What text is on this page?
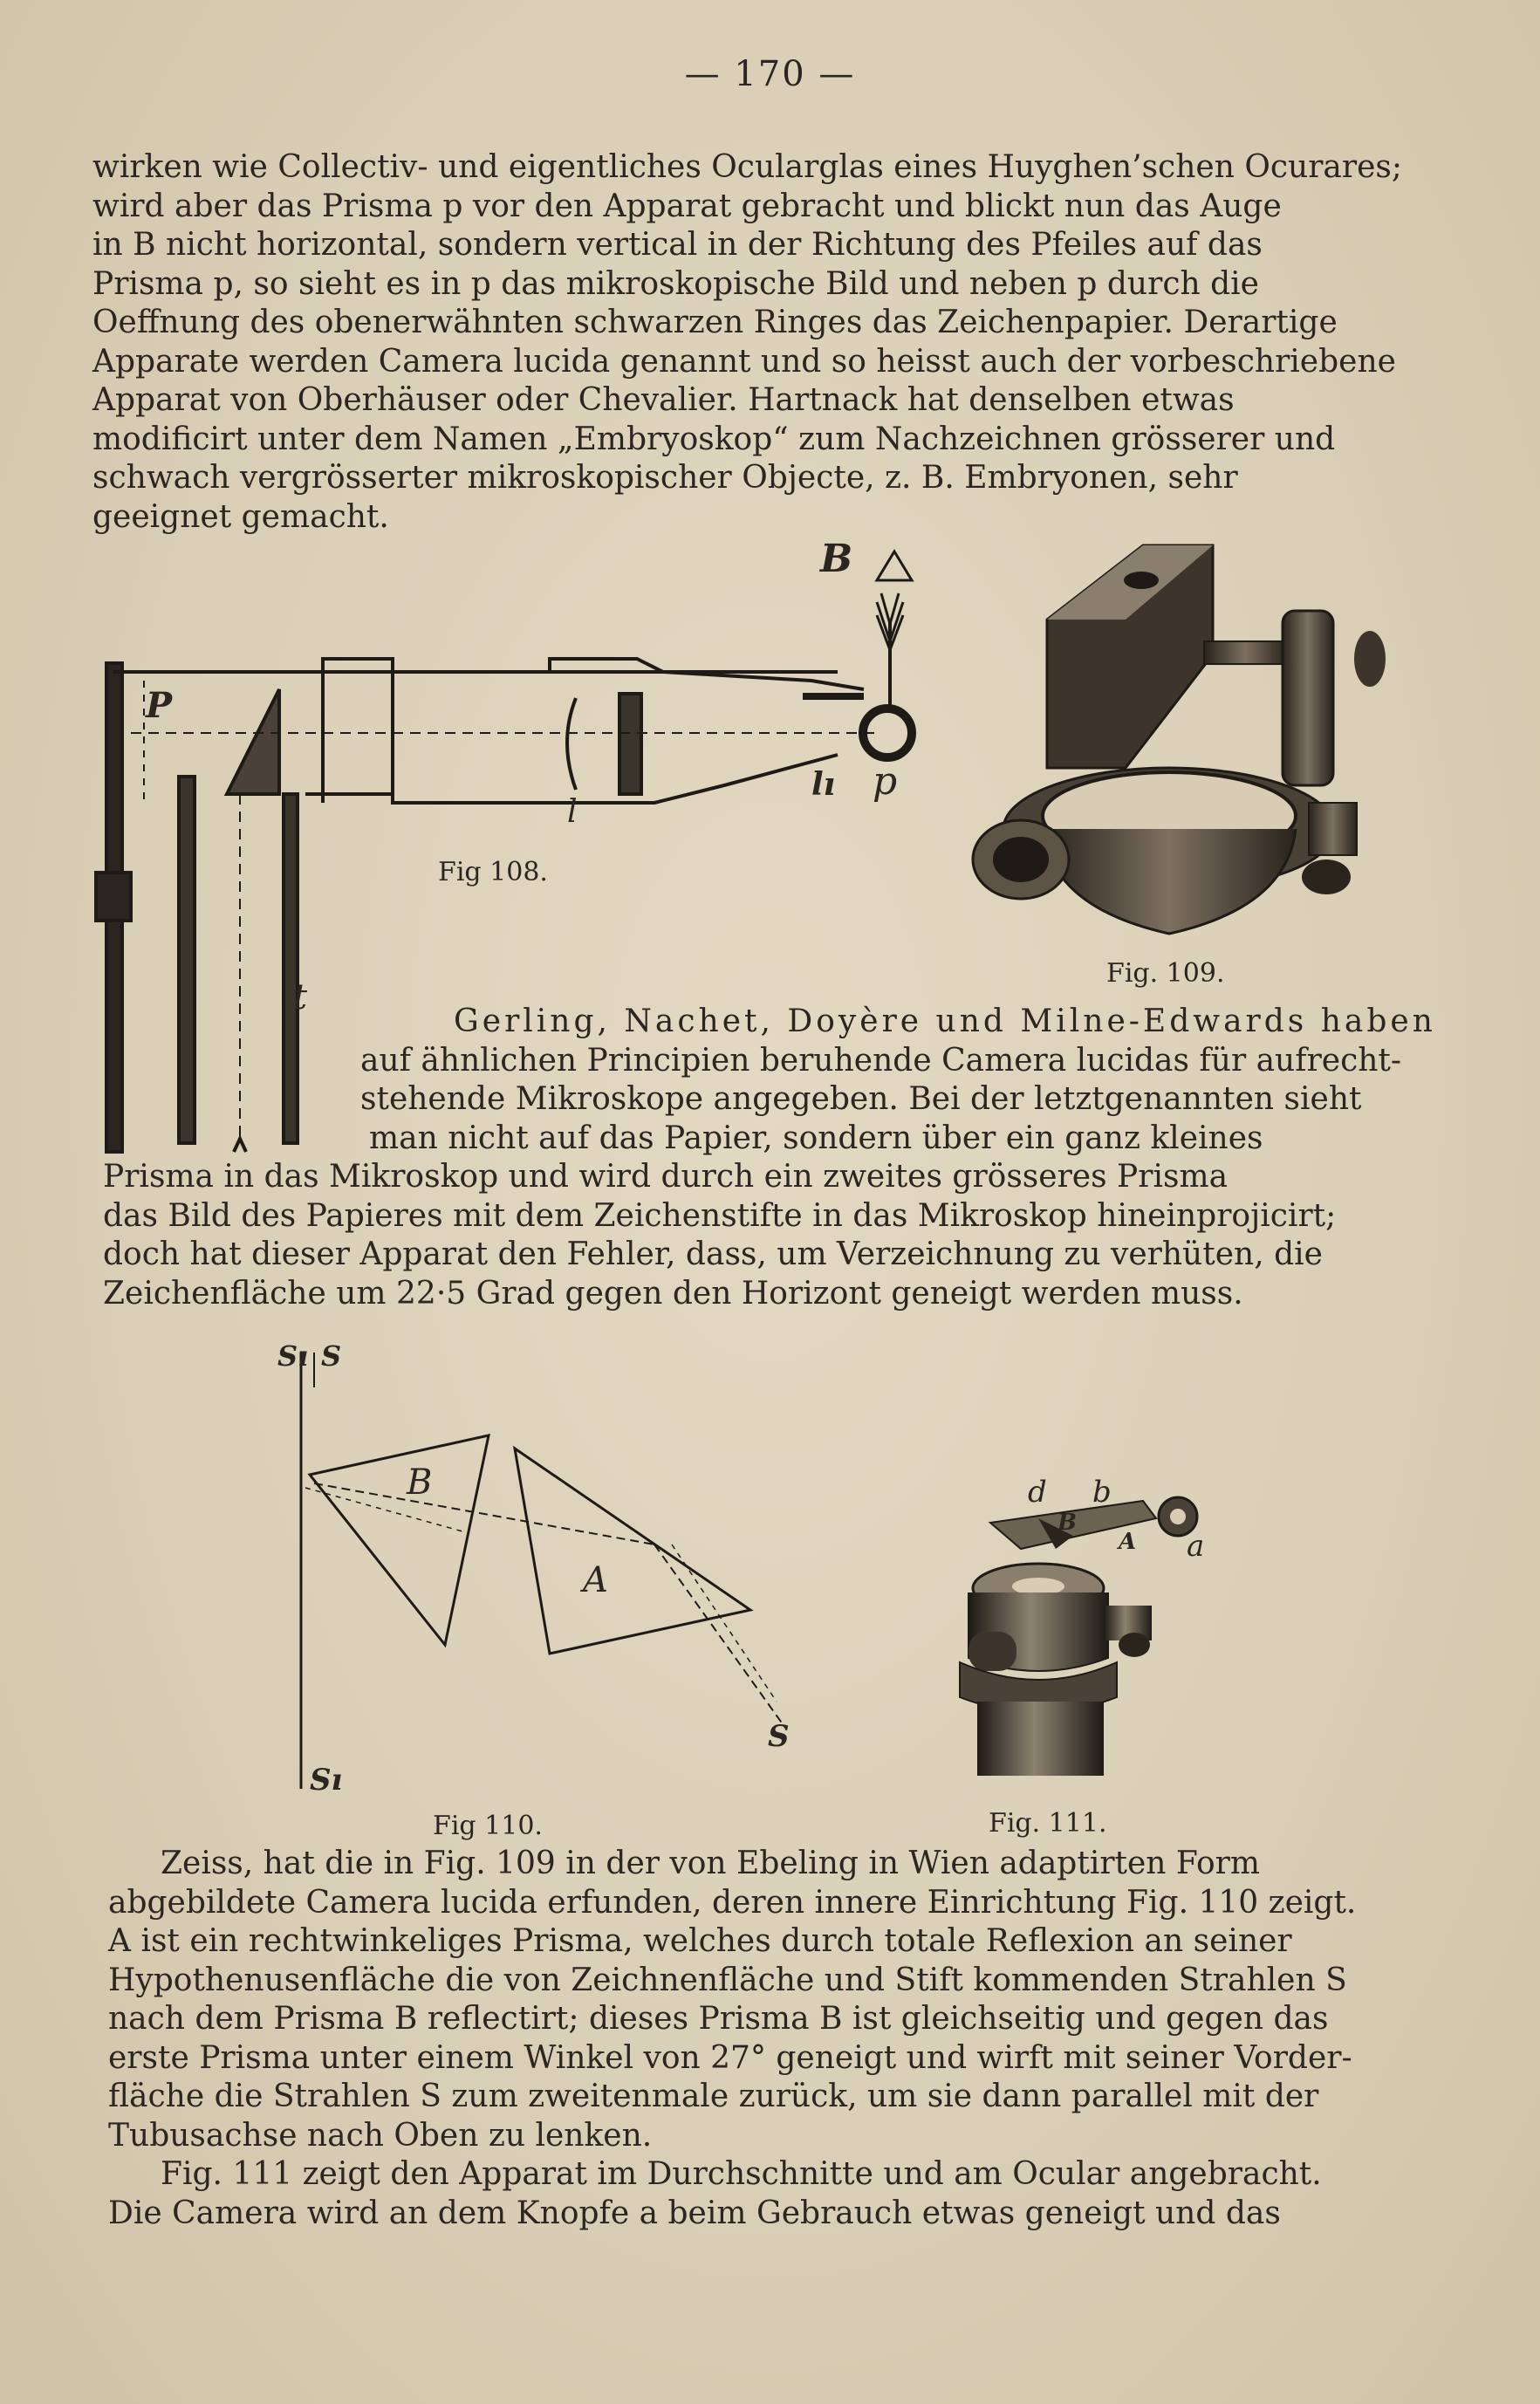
— 170 —
wirken wie Collectiv- und eigentliches Ocularglas eines Huyghen’schen Ocurares;
wird aber das Prisma p vor den Apparat gebracht und blickt nun das Auge
in B nicht horizontal, sondern vertical in der Richtung des Pfeiles auf das
Prisma p, so sieht es in p das mikroskopische Bild und neben p durch die
Oeffnung des obenerwähnten schwarzen Ringes das Zeichenpapier. Derartige
Apparate werden Camera lucida genannt und so heisst auch der vorbeschriebene
Apparat von Oberhäuser oder Chevalier. Hartnack hat denselben etwas
modificirt unter dem Namen „Embryoskop“ zum Nachzeichnen grösserer und
schwach vergrösserter mikroskopischer Objecte, z. B. Embryonen, sehr
geeignet gemacht.
B
P
l
lı p
t
Fig 108.
Fig. 109.
Gerling, Nachet, Doyère und Milne-Edwards haben
auf ähnlichen Principien beruhende Camera lucidas für aufrecht-
stehende Mikroskope angegeben. Bei der letztgenannten sieht
man nicht auf das Papier, sondern über ein ganz kleines
Prisma in das Mikroskop und wird durch ein zweites grösseres Prisma
das Bild des Papieres mit dem Zeichenstifte in das Mikroskop hineinprojicirt;
doch hat dieser Apparat den Fehler, dass, um Verzeichnung zu verhüten, die
Zeichenfläche um 22·5 Grad gegen den Horizont geneigt werden muss.
Sı S
B
A
S
Sı
Fig 110.
d b
B
A a
Fig. 111.
Zeiss, hat die in Fig. 109 in der von Ebeling in Wien adaptirten Form
abgebildete Camera lucida erfunden, deren innere Einrichtung Fig. 110 zeigt.
A ist ein rechtwinkeliges Prisma, welches durch totale Reflexion an seiner
Hypothenusenfläche die von Zeichnenfläche und Stift kommenden Strahlen S
nach dem Prisma B reflectirt; dieses Prisma B ist gleichseitig und gegen das
erste Prisma unter einem Winkel von 27° geneigt und wirft mit seiner Vorder-
fläche die Strahlen S zum zweitenmale zurück, um sie dann parallel mit der
Tubusachse nach Oben zu lenken.
Fig. 111 zeigt den Apparat im Durchschnitte und am Ocular angebracht.
Die Camera wird an dem Knopfe a beim Gebrauch etwas geneigt und das
